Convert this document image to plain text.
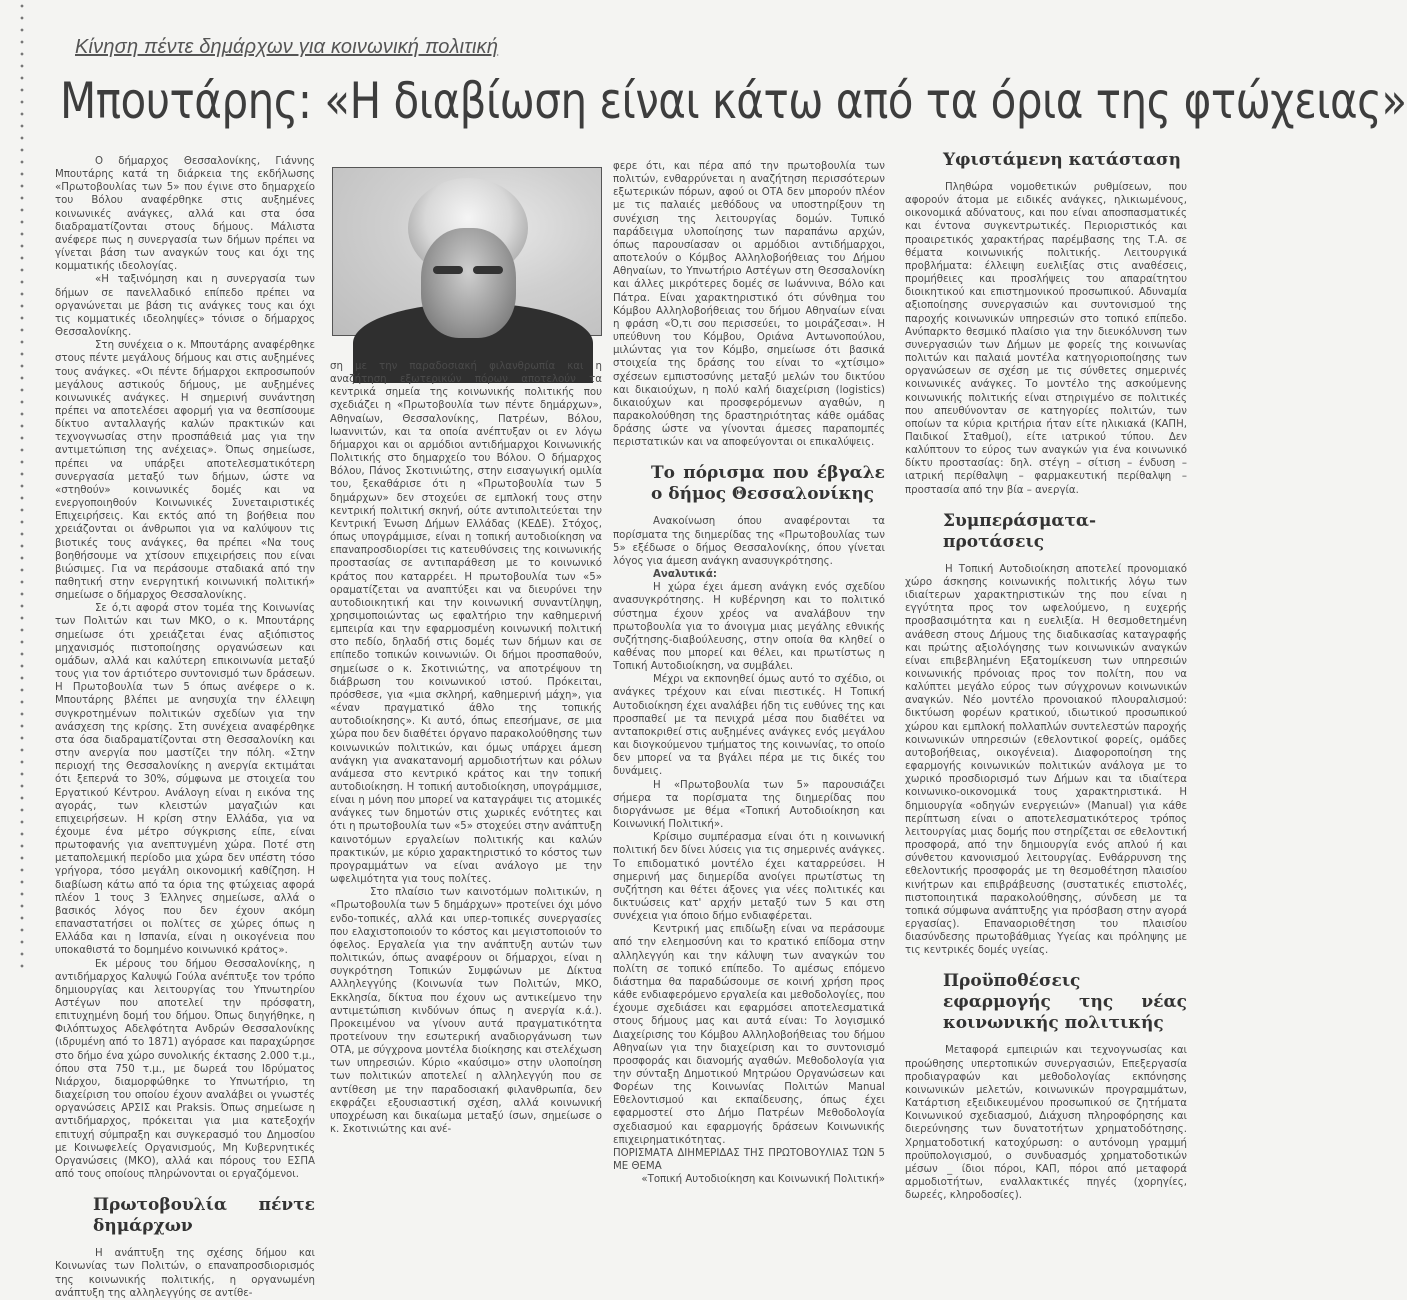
Κίνηση πέντε δημάρχων για κοινωνική πολιτική
Μπουτάρης: «Η διαβίωση είναι κάτω από τα όρια της φτώχειας»

Ο δήμαρχος Θεσσαλονίκης, Γιάννης Μπουτάρης κατά τη διάρκεια της εκδήλωσης «Πρωτοβουλίας των 5» που έγινε στο δημαρχείο του Βόλου αναφέρθηκε στις αυξημένες κοινωνικές ανάγκες, αλλά και στα όσα διαδραματίζονται στους δήμους. Μάλιστα ανέφερε πως η συνεργασία των δήμων πρέπει να γίνεται βάση των αναγκών τους και όχι της κομματικής ιδεολογίας.

«Η ταξινόμηση και η συνεργασία των δήμων σε πανελλαδικό επίπεδο πρέπει να οργανώνεται με βάση τις ανάγκες τους και όχι τις κομματικές ιδεοληψίες» τόνισε ο δήμαρχος Θεσσαλονίκης.

Στη συνέχεια ο κ. Μπουτάρης αναφέρθηκε στους πέντε μεγάλους δήμους και στις αυξημένες τους ανάγκες. «Οι πέντε δήμαρχοι εκπροσωπούν μεγάλους αστικούς δήμους, με αυξημένες κοινωνικές ανάγκες. Η σημερινή συνάντηση πρέπει να αποτελέσει αφορμή για να θεσπίσουμε δίκτυο ανταλλαγής καλών πρακτικών και τεχνογνωσίας στην προσπάθειά μας για την αντιμετώπιση της ανέχειας». Όπως σημείωσε, πρέπει να υπάρξει αποτελεσματικότερη συνεργασία μεταξύ των δήμων, ώστε να «στηθούν» κοινωνικές δομές και να ενεργοποιηθούν Κοινωνικές Συνεταιριστικές Επιχειρήσεις. Και εκτός από τη βοήθεια που χρειάζονται οι άνθρωποι για να καλύψουν τις βιοτικές τους ανάγκες, θα πρέπει «Να τους βοηθήσουμε να χτίσουν επιχειρήσεις που είναι βιώσιμες. Για να περάσουμε σταδιακά από την παθητική στην ενεργητική κοινωνική πολιτική» σημείωσε ο δήμαρχος Θεσσαλονίκης.

Σε ό,τι αφορά στον τομέα της Κοινωνίας των Πολιτών και των ΜΚΟ, ο κ. Μπουτάρης σημείωσε ότι χρειάζεται ένας αξιόπιστος μηχανισμός πιστοποίησης οργανώσεων και ομάδων, αλλά και καλύτερη επικοινωνία μεταξύ τους για τον άρτιότερο συντονισμό των δράσεων. Η Πρωτοβουλία των 5 όπως ανέφερε ο κ. Μπουτάρης βλέπει με ανησυχία την έλλειψη συγκροτημένων πολιτικών σχεδίων για την ανάσχεση της κρίσης. Στη συνέχεια αναφέρθηκε στα όσα διαδραματίζονται στη Θεσσαλονίκη και στην ανεργία που μαστίζει την πόλη. «Στην περιοχή της Θεσσαλονίκης η ανεργία εκτιμάται ότι ξεπερνά το 30%, σύμφωνα με στοιχεία του Εργατικού Κέντρου. Ανάλογη είναι η εικόνα της αγοράς, των κλειστών μαγαζιών και επιχειρήσεων. Η κρίση στην Ελλάδα, για να έχουμε ένα μέτρο σύγκρισης είπε, είναι πρωτοφανής για ανεπτυγμένη χώρα. Ποτέ στη μεταπολεμική περίοδο μια χώρα δεν υπέστη τόσο γρήγορα, τόσο μεγάλη οικονομική καθίζηση. Η διαβίωση κάτω από τα όρια της φτώχειας αφορά πλέον 1 τους 3 Έλληνες σημείωσε, αλλά ο βασικός λόγος που δεν έχουν ακόμη επαναστατήσει οι πολίτες σε χώρες όπως η Ελλάδα και η Ισπανία, είναι η οικογένεια που υποκαθιστά το δομημένο κοινωνικό κράτος».

Εκ μέρους του δήμου Θεσσαλονίκης, η αντιδήμαρχος Καλυψώ Γούλα ανέπτυξε τον τρόπο δημιουργίας και λειτουργίας του Υπνωτηρίου Αστέγων που αποτελεί την πρόσφατη, επιτυχημένη δομή του δήμου. Όπως διηγήθηκε, η Φιλόπτωχος Αδελφότητα Ανδρών Θεσσαλονίκης (ιδρυμένη από το 1871) αγόρασε και παραχώρησε στο δήμο ένα χώρο συνολικής έκτασης 2.000 τ.μ., όπου στα 750 τ.μ., με δωρεά του Ιδρύματος Νιάρχου, διαμορφώθηκε το Υπνωτήριο, τη διαχείριση του οποίου έχουν αναλάβει οι γνωστές οργανώσεις ΑΡΣΙΣ και Praksis. Όπως σημείωσε η αντιδήμαρχος, πρόκειται για μια κατεξοχήν επιτυχή σύμπραξη και συγκερασμό του Δημοσίου με Κοινωφελείς Οργανισμούς, Μη Κυβερνητικές Οργανώσεις (ΜΚΟ), αλλά και πόρους του ΕΣΠΑ από τους οποίους πληρώνονται οι εργαζόμενοι.

Πρωτοβουλία πέντε δημάρχων

Η ανάπτυξη της σχέσης δήμου και Κοινωνίας των Πολιτών, ο επαναπροσδιορισμός της κοινωνικής πολιτικής, η οργανωμένη ανάπτυξη της αλληλεγγύης σε αντίθε-

ση με την παραδοσιακή φιλανθρωπία και η αναζήτηση εξωτερικών πόρων αποτελούν τα κεντρικά σημεία της κοινωνικής πολιτικής που σχεδιάζει η «Πρωτοβουλία των πέντε δημάρχων», Αθηναίων, Θεσσαλονίκης, Πατρέων, Βόλου, Ιωαννιτών, και τα οποία ανέπτυξαν οι εν λόγω δήμαρχοι και οι αρμόδιοι αντιδήμαρχοι Κοινωνικής Πολιτικής στο δημαρχείο του Βόλου. Ο δήμαρχος Βόλου, Πάνος Σκοτινιώτης, στην εισαγωγική ομιλία του, ξεκαθάρισε ότι η «Πρωτοβουλία των 5 δημάρχων» δεν στοχεύει σε εμπλοκή τους στην κεντρική πολιτική σκηνή, ούτε αντιπολιτεύεται την Κεντρική Ένωση Δήμων Ελλάδας (ΚΕΔΕ). Στόχος, όπως υπογράμμισε, είναι η τοπική αυτοδιοίκηση να επαναπροσδιορίσει τις κατευθύνσεις της κοινωνικής προστασίας σε αντιπαράθεση με το κοινωνικό κράτος που καταρρέει. Η πρωτοβουλία των «5» οραματίζεται να αναπτύξει και να διευρύνει την αυτοδιοικητική και την κοινωνική συναντίληψη, χρησιμοποιώντας ως εφαλτήριο την καθημερινή εμπειρία και την εφαρμοσμένη κοινωνική πολιτική στο πεδίο, δηλαδή στις δομές των δήμων και σε επίπεδο τοπικών κοινωνιών. Οι δήμοι προσπαθούν, σημείωσε ο κ. Σκοτινιώτης, να αποτρέψουν τη διάβρωση του κοινωνικού ιστού. Πρόκειται, πρόσθεσε, για «μια σκληρή, καθημερινή μάχη», για «έναν πραγματικό άθλο της τοπικής αυτοδιοίκησης». Κι αυτό, όπως επεσήμανε, σε μια χώρα που δεν διαθέτει όργανο παρακολούθησης των κοινωνικών πολιτικών, και όμως υπάρχει άμεση ανάγκη για ανακατανομή αρμοδιοτήτων και ρόλων ανάμεσα στο κεντρικό κράτος και την τοπική αυτοδιοίκηση. Η τοπική αυτοδιοίκηση, υπογράμμισε, είναι η μόνη που μπορεί να καταγράψει τις ατομικές ανάγκες των δημοτών στις χωρικές ενότητες και ότι η πρωτοβουλία των «5» στοχεύει στην ανάπτυξη καινοτόμων εργαλείων πολιτικής και καλών πρακτικών, με κύριο χαρακτηριστικό το κόστος των προγραμμάτων να είναι ανάλογο με την ωφελιμότητα για τους πολίτες.

Στο πλαίσιο των καινοτόμων πολιτικών, η «Πρωτοβουλία των 5 δημάρχων» προτείνει όχι μόνο ενδο-τοπικές, αλλά και υπερ-τοπικές συνεργασίες που ελαχιστοποιούν το κόστος και μεγιστοποιούν το όφελος. Εργαλεία για την ανάπτυξη αυτών των πολιτικών, όπως αναφέρουν οι δήμαρχοι, είναι η συγκρότηση Τοπικών Συμφώνων με Δίκτυα Αλληλεγγύης (Κοινωνία των Πολιτών, ΜΚΟ, Εκκλησία, δίκτυα που έχουν ως αντικείμενο την αντιμετώπιση κινδύνων όπως η ανεργία κ.ά.). Προκειμένου να γίνουν αυτά πραγματικότητα προτείνουν την εσωτερική αναδιοργάνωση των ΟΤΑ, με σύγχρονα μοντέλα διοίκησης και στελέχωση των υπηρεσιών. Κύριο «καύσιμο» στην υλοποίηση των πολιτικών αποτελεί η αλληλεγγύη που σε αντίθεση με την παραδοσιακή φιλανθρωπία, δεν εκφράζει εξουσιαστική σχέση, αλλά κοινωνική υποχρέωση και δικαίωμα μεταξύ ίσων, σημείωσε ο κ. Σκοτινιώτης και ανέ-

φερε ότι, και πέρα από την πρωτοβουλία των πολιτών, ενθαρρύνεται η αναζήτηση περισσότερων εξωτερικών πόρων, αφού οι ΟΤΑ δεν μπορούν πλέον με τις παλαιές μεθόδους να υποστηρίξουν τη συνέχιση της λειτουργίας δομών. Τυπικό παράδειγμα υλοποίησης των παραπάνω αρχών, όπως παρουσίασαν οι αρμόδιοι αντιδήμαρχοι, αποτελούν ο Κόμβος Αλληλοβοήθειας του Δήμου Αθηναίων, το Υπνωτήριο Αστέγων στη Θεσσαλονίκη και άλλες μικρότερες δομές σε Ιωάννινα, Βόλο και Πάτρα. Είναι χαρακτηριστικό ότι σύνθημα του Κόμβου Αλληλοβοήθειας του δήμου Αθηναίων είναι η φράση «Ό,τι σου περισσεύει, το μοιράζεσαι». Η υπεύθυνη του Κόμβου, Οριάνα Αντωνοπούλου, μιλώντας για τον Κόμβο, σημείωσε ότι βασικά στοιχεία της δράσης του είναι το «χτίσιμο» σχέσεων εμπιστοσύνης μεταξύ μελών του δικτύου και δικαιούχων, η πολύ καλή διαχείριση (logistics) δικαιούχων και προσφερόμενων αγαθών, η παρακολούθηση της δραστηριότητας κάθε ομάδας δράσης ώστε να γίνονται άμεσες παραπομπές περιστατικών και να αποφεύγονται οι επικαλύψεις.

Το πόρισμα που έβγαλε ο δήμος Θεσσαλονίκης

Ανακοίνωση όπου αναφέρονται τα πορίσματα της διημερίδας της «Πρωτοβουλίας των 5» εξέδωσε ο δήμος Θεσσαλονίκης, όπου γίνεται λόγος για άμεση ανάγκη ανασυγκρότησης.

Αναλυτικά:

Η χώρα έχει άμεση ανάγκη ενός σχεδίου ανασυγκρότησης. Η κυβέρνηση και το πολιτικό σύστημα έχουν χρέος να αναλάβουν την πρωτοβουλία για το άνοιγμα μιας μεγάλης εθνικής συζήτησης-διαβούλευσης, στην οποία θα κληθεί ο καθένας που μπορεί και θέλει, και πρωτίστως η Τοπική Αυτοδιοίκηση, να συμβάλει.

Μέχρι να εκπονηθεί όμως αυτό το σχέδιο, οι ανάγκες τρέχουν και είναι πιεστικές. Η Τοπική Αυτοδιοίκηση έχει αναλάβει ήδη τις ευθύνες της και προσπαθεί με τα πενιχρά μέσα που διαθέτει να ανταποκριθεί στις αυξημένες ανάγκες ενός μεγάλου και διογκούμενου τμήματος της κοινωνίας, το οποίο δεν μπορεί να τα βγάλει πέρα με τις δικές του δυνάμεις.

Η «Πρωτοβουλία των 5» παρουσιάζει σήμερα τα πορίσματα της διημερίδας που διοργάνωσε με θέμα «Τοπική Αυτοδιοίκηση και Κοινωνική Πολιτική».

Κρίσιμο συμπέρασμα είναι ότι η κοινωνική πολιτική δεν δίνει λύσεις για τις σημερινές ανάγκες. Το επιδοματικό μοντέλο έχει καταρρεύσει. Η σημερινή μας διημερίδα ανοίγει πρωτίστως τη συζήτηση και θέτει άξονες για νέες πολιτικές και δικτυώσεις κατ' αρχήν μεταξύ των 5 και στη συνέχεια για όποιο δήμο ενδιαφέρεται.

Κεντρική μας επιδίωξη είναι να περάσουμε από την ελεημοσύνη και το κρατικό επίδομα στην αλληλεγγύη και την κάλυψη των αναγκών του πολίτη σε τοπικό επίπεδο. Το αμέσως επόμενο διάστημα θα παραδώσουμε σε κοινή χρήση προς κάθε ενδιαφερόμενο εργαλεία και μεθοδολογίες, που έχουμε σχεδιάσει και εφαρμόσει αποτελεσματικά στους δήμους μας και αυτά είναι: Το λογισμικό Διαχείρισης του Κόμβου Αλληλοβοήθειας του δήμου Αθηναίων για την διαχείριση και το συντονισμό προσφοράς και διανομής αγαθών. Μεθοδολογία για την σύνταξη Δημοτικού Μητρώου Οργανώσεων και Φορέων της Κοινωνίας Πολιτών Manual Εθελοντισμού και εκπαίδευσης, όπως έχει εφαρμοστεί στο Δήμο Πατρέων Μεθοδολογία σχεδιασμού και εφαρμογής δράσεων Κοινωνικής επιχειρηματικότητας.

ΠΟΡΙΣΜΑΤΑ ΔΙΗΜΕΡΙΔΑΣ ΤΗΣ ΠΡΩΤΟΒΟΥΛΙΑΣ ΤΩΝ 5 ΜΕ ΘΕΜΑ

«Τοπική Αυτοδιοίκηση και Κοινωνική Πολιτική»

Υφιστάμενη κατάσταση

Πληθώρα νομοθετικών ρυθμίσεων, που αφορούν άτομα με ειδικές ανάγκες, ηλικιωμένους, οικονομικά αδύνατους, και που είναι αποσπασματικές και έντονα συγκεντρωτικές. Περιοριστικός και προαιρετικός χαρακτήρας παρέμβασης της Τ.Α. σε θέματα κοινωνικής πολιτικής. Λειτουργικά προβλήματα: έλλειψη ευελιξίας στις αναθέσεις, προμήθειες και προσλήψεις του απαραίτητου διοικητικού και επιστημονικού προσωπικού. Αδυναμία αξιοποίησης συνεργασιών και συντονισμού της παροχής κοινωνικών υπηρεσιών στο τοπικό επίπεδο. Ανύπαρκτο θεσμικό πλαίσιο για την διευκόλυνση των συνεργασιών των Δήμων με φορείς της κοινωνίας πολιτών και παλαιά μοντέλα κατηγοριοποίησης των οργανώσεων σε σχέση με τις σύνθετες σημερινές κοινωνικές ανάγκες. Το μοντέλο της ασκούμενης κοινωνικής πολιτικής είναι στηριγμένο σε πολιτικές που απευθύνονταν σε κατηγορίες πολιτών, των οποίων τα κύρια κριτήρια ήταν είτε ηλικιακά (ΚΑΠΗ, Παιδικοί Σταθμοί), είτε ιατρικού τύπου. Δεν καλύπτουν το εύρος των αναγκών για ένα κοινωνικό δίκτυ προστασίας: δηλ. στέγη – σίτιση – ένδυση – ιατρική περίθαλψη – φαρμακευτική περίθαλψη – προστασία από την βία – ανεργία.

Συμπεράσματα-προτάσεις

Η Τοπική Αυτοδιοίκηση αποτελεί προνομιακό χώρο άσκησης κοινωνικής πολιτικής λόγω των ιδιαίτερων χαρακτηριστικών της που είναι η εγγύτητα προς τον ωφελούμενο, η ευχερής προσβασιμότητα και η ευελιξία. Η θεσμοθετημένη ανάθεση στους Δήμους της διαδικασίας καταγραφής και πρώτης αξιολόγησης των κοινωνικών αναγκών είναι επιβεβλημένη Εξατομίκευση των υπηρεσιών κοινωνικής πρόνοιας προς τον πολίτη, που να καλύπτει μεγάλο εύρος των σύγχρονων κοινωνικών αναγκών. Νέο μοντέλο προνοιακού πλουραλισμού: δικτύωση φορέων κρατικού, ιδιωτικού προσωπικού χώρου και εμπλοκή πολλαπλών συντελεστών παροχής κοινωνικών υπηρεσιών (εθελοντικοί φορείς, ομάδες αυτοβοήθειας, οικογένεια). Διαφοροποίηση της εφαρμογής κοινωνικών πολιτικών ανάλογα με το χωρικό προσδιορισμό των Δήμων και τα ιδιαίτερα κοινωνικο-οικονομικά τους χαρακτηριστικά. Η δημιουργία «οδηγών ενεργειών» (Manual) για κάθε περίπτωση είναι ο αποτελεσματικότερος τρόπος λειτουργίας μιας δομής που στηρίζεται σε εθελοντική προσφορά, από την δημιουργία ενός απλού ή και σύνθετου κανονισμού λειτουργίας. Ενθάρρυνση της εθελοντικής προσφοράς με τη θεσμοθέτηση πλαισίου κινήτρων και επιβράβευσης (συστατικές επιστολές, πιστοποιητικά παρακολούθησης, σύνδεση με τα τοπικά σύμφωνα ανάπτυξης για πρόσβαση στην αγορά εργασίας). Επαναοριοθέτηση του πλαισίου διασύνδεσης πρωτοβάθμιας Υγείας και πρόληψης με τις κεντρικές δομές υγείας.

Προϋποθέσεις εφαρμογής της νέας κοινωνικής πολιτικής

Μεταφορά εμπειριών και τεχνογνωσίας και προώθησης υπερτοπικών συνεργασιών, Επεξεργασία προδιαγραφών και μεθοδολογίας εκπόνησης κοινωνικών μελετών, κοινωνικών προγραμμάτων, Κατάρτιση εξειδικευμένου προσωπικού σε ζητήματα Κοινωνικού σχεδιασμού, Διάχυση πληροφόρησης και διερεύνησης των δυνατοτήτων χρηματοδότησης. Χρηματοδοτική κατοχύρωση: ο αυτόνομη γραμμή προϋπολογισμού, ο συνδυασμός χρηματοδοτικών μέσων _ ίδιοι πόροι, ΚΑΠ, πόροι από μεταφορά αρμοδιοτήτων, εναλλακτικές πηγές (χορηγίες, δωρεές, κληροδοσίες).
